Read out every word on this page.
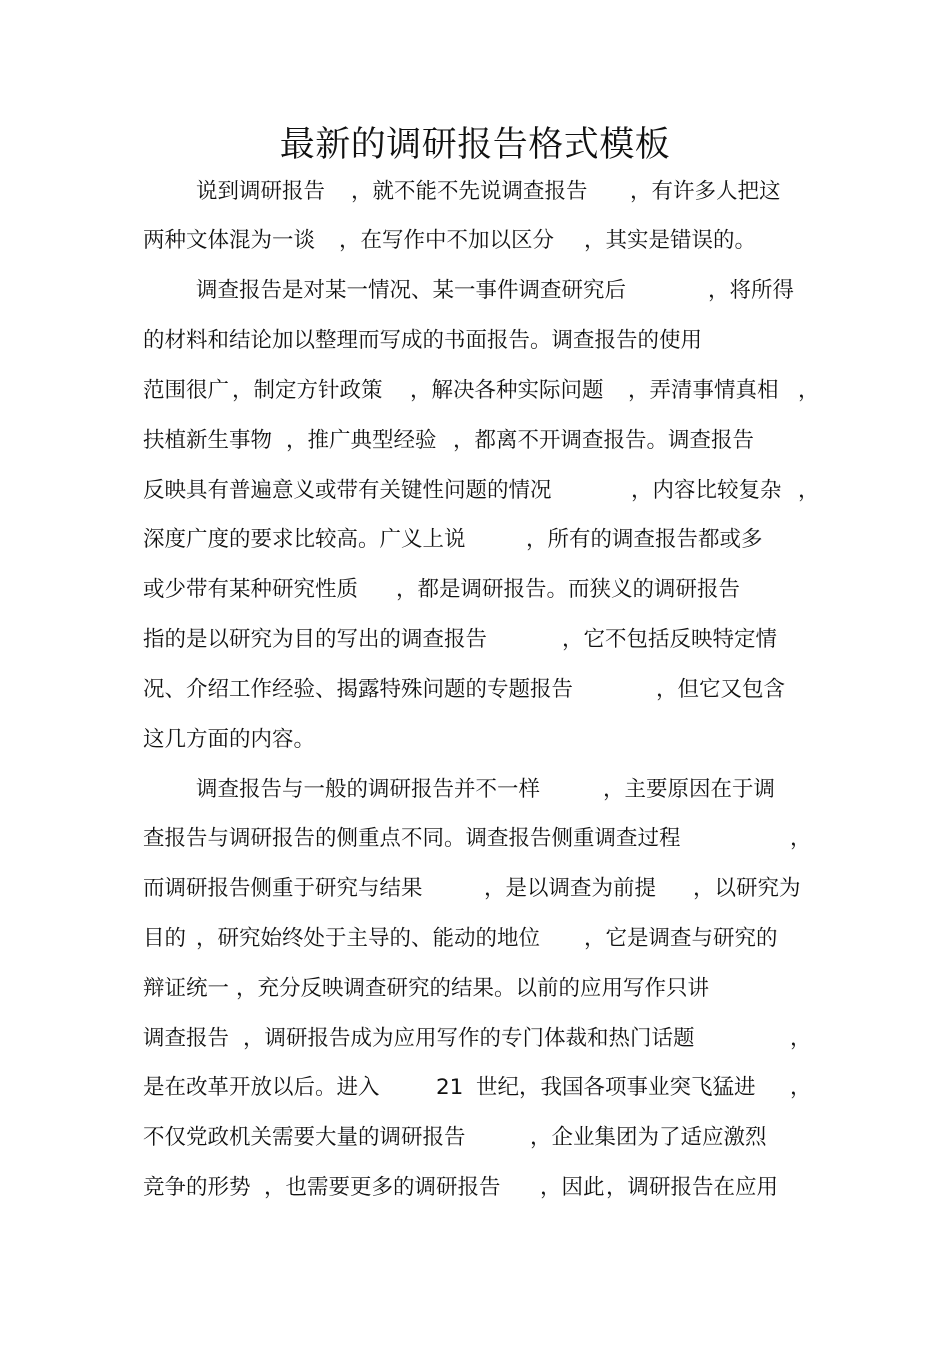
最新的调研报告格式模板
说到调研报告 ，就不能不先说调查报告 ，有许多人把这
两种文体混为一谈 ，在写作中不加以区分 ，其实是错误的。
调查报告是对某一情况、某一事件调查研究后	，将所得
的材料和结论加以整理而写成的书面报告。调查报告的使用
范围很广 ，制定方针政策 ，解决各种实际问题 ，弄清事情真相 ，
扶植新生事物 ，推广典型经验 ，都离不开调查报告。调查报告
反映具有普遍意义或带有关键性问题的情况	，内容比较复杂 ，
深度广度的要求比较高。广义上说	，所有的调查报告都或多
或少带有某种研究性质 ，都是调研报告。而狭义的调研报告
指的是以研究为目的写出的调查报告	，它不包括反映特定情
况、介绍工作经验、揭露特殊问题的专题报告	，但它又包含
这几方面的内容。
调查报告与一般的调研报告并不一样	，主要原因在于调
查报告与调研报告的侧重点不同。调查报告侧重调查过程	，
而调研报告侧重于研究与结果	，是以调查为前提 ，以研究为
目的 ，研究始终处于主导的、能动的地位 ，它是调查与研究的
辩证统一 ，充分反映调查研究的结果。以前的应用写作只讲
调查报告 ，调研报告成为应用写作的专门体裁和热门话题	，
是在改革开放以后。进入	21 世纪 ，我国各项事业突飞猛进 ，
不仅党政机关需要大量的调研报告	，企业集团为了适应激烈
竞争的形势 ，也需要更多的调研报告 ，因此 ，调研报告在应用
